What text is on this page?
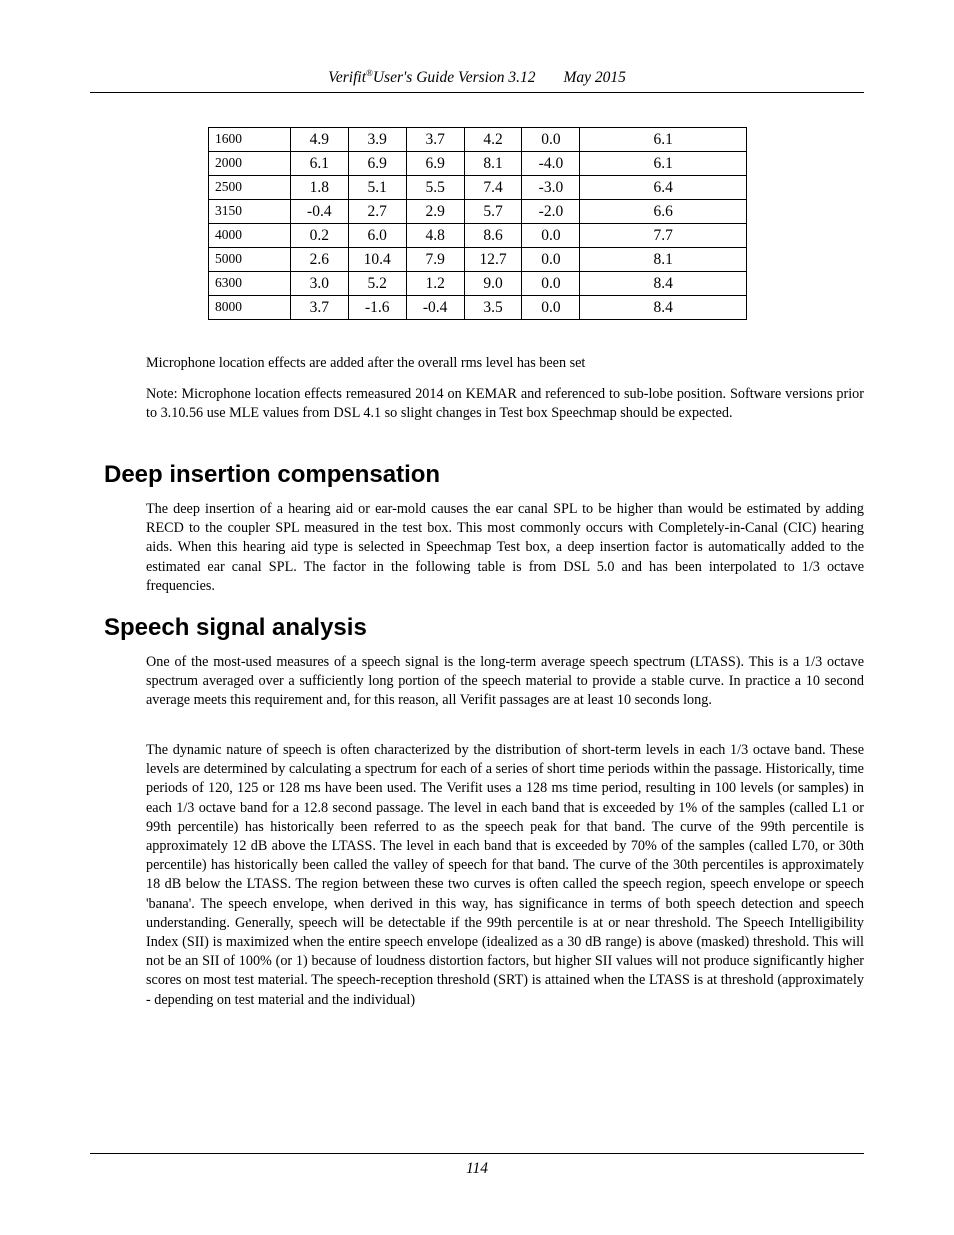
Verifit®User's Guide Version 3.12 May 2015
1600	4.9	3.9	3.7	4.2	0.0	6.1
2000	6.1	6.9	6.9	8.1	-4.0	6.1
2500	1.8	5.1	5.5	7.4	-3.0	6.4
3150	-0.4	2.7	2.9	5.7	-2.0	6.6
4000	0.2	6.0	4.8	8.6	0.0	7.7
5000	2.6	10.4	7.9	12.7	0.0	8.1
6300	3.0	5.2	1.2	9.0	0.0	8.4
8000	3.7	-1.6	-0.4	3.5	0.0	8.4

Microphone location effects are added after the overall rms level has been set

Note: Microphone location effects remeasured 2014 on KEMAR and referenced to sub-lobe position. Software versions prior to 3.10.56 use MLE values from DSL 4.1 so slight changes in Test box Speechmap should be expected.

Deep insertion compensation

The deep insertion of a hearing aid or ear-mold causes the ear canal SPL to be higher than would be estimated by adding RECD to the coupler SPL measured in the test box. This most commonly occurs with Completely-in-Canal (CIC) hearing aids. When this hearing aid type is selected in Speechmap Test box, a deep insertion factor is automatically added to the estimated ear canal SPL. The factor in the following table is from DSL 5.0 and has been interpolated to 1/3 octave frequencies.

Speech signal analysis

One of the most-used measures of a speech signal is the long-term average speech spectrum (LTASS). This is a 1/3 octave spectrum averaged over a sufficiently long portion of the speech material to provide a stable curve. In practice a 10 second average meets this requirement and, for this reason, all Verifit passages are at least 10 seconds long.

The dynamic nature of speech is often characterized by the distribution of short-term levels in each 1/3 octave band. These levels are determined by calculating a spectrum for each of a series of short time periods within the passage. Historically, time periods of 120, 125 or 128 ms have been used. The Verifit uses a 128 ms time period, resulting in 100 levels (or samples) in each 1/3 octave band for a 12.8 second passage. The level in each band that is exceeded by 1% of the samples (called L1 or 99th percentile) has historically been referred to as the speech peak for that band. The curve of the 99th percentile is approximately 12 dB above the LTASS. The level in each band that is exceeded by 70% of the samples (called L70, or 30th percentile) has historically been called the valley of speech for that band. The curve of the 30th percentiles is approximately 18 dB below the LTASS. The region between these two curves is often called the speech region, speech envelope or speech 'banana'. The speech envelope, when derived in this way, has significance in terms of both speech detection and speech understanding. Generally, speech will be detectable if the 99th percentile is at or near threshold. The Speech Intelligibility Index (SII) is maximized when the entire speech envelope (idealized as a 30 dB range) is above (masked) threshold. This will not be an SII of 100% (or 1) because of loudness distortion factors, but higher SII values will not produce significantly higher scores on most test material. The speech-reception threshold (SRT) is attained when the LTASS is at threshold (approximately - depending on test material and the individual)

114
